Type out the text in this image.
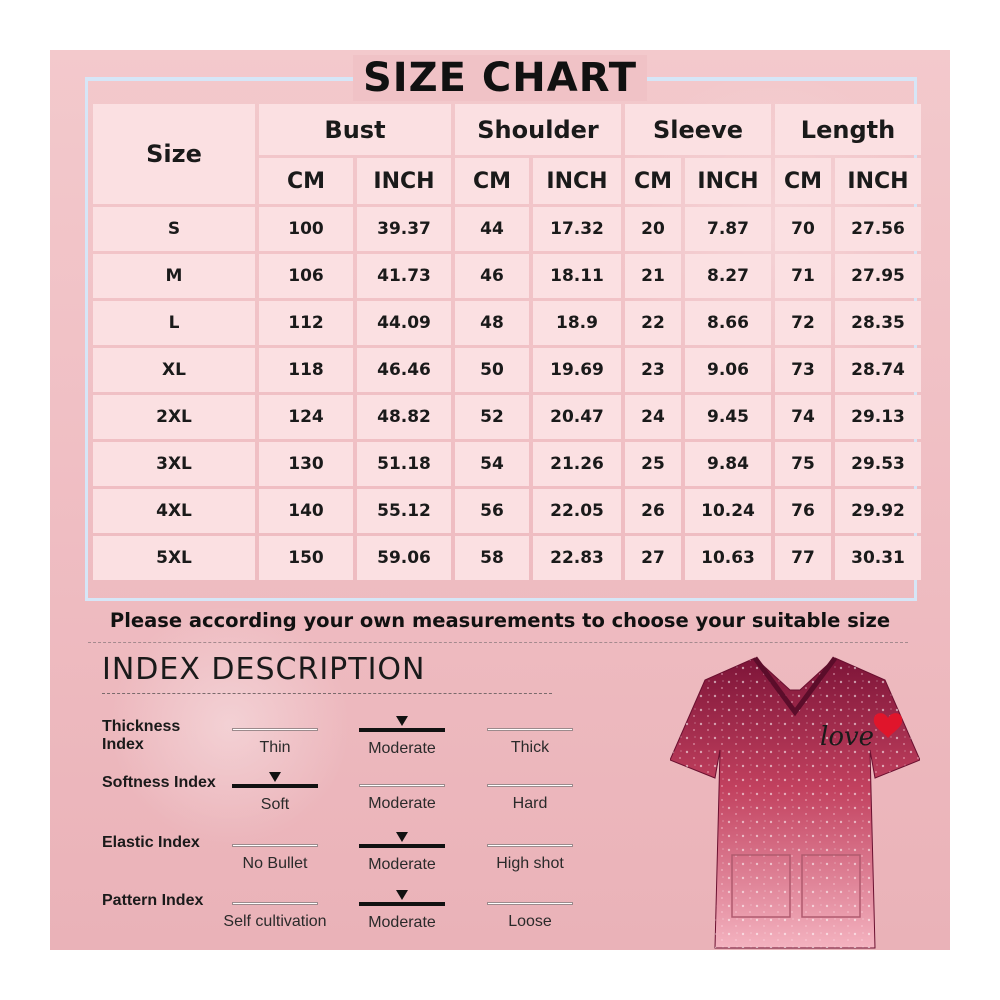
SIZE CHART
Size	Bust		Shoulder		Sleeve		Length	
	CM	INCH	CM	INCH	CM	INCH	CM	INCH
S	100	39.37	44	17.32	20	7.87	70	27.56
M	106	41.73	46	18.11	21	8.27	71	27.95
L	112	44.09	48	18.9	22	8.66	72	28.35
XL	118	46.46	50	19.69	23	9.06	73	28.74
2XL	124	48.82	52	20.47	24	9.45	74	29.13
3XL	130	51.18	54	21.26	25	9.84	75	29.53
4XL	140	55.12	56	22.05	26	10.24	76	29.92
5XL	150	59.06	58	22.83	27	10.63	77	30.31
Please according your own measurements to choose your suitable size
INDEX DESCRIPTION
Thickness Index	Thin	Moderate	Thick
Softness Index
Soft	Moderate	Hard
Elastic Index
No Bullet	Moderate	High shot
Pattern Index
Self cultivation	Moderate	Loose
love
